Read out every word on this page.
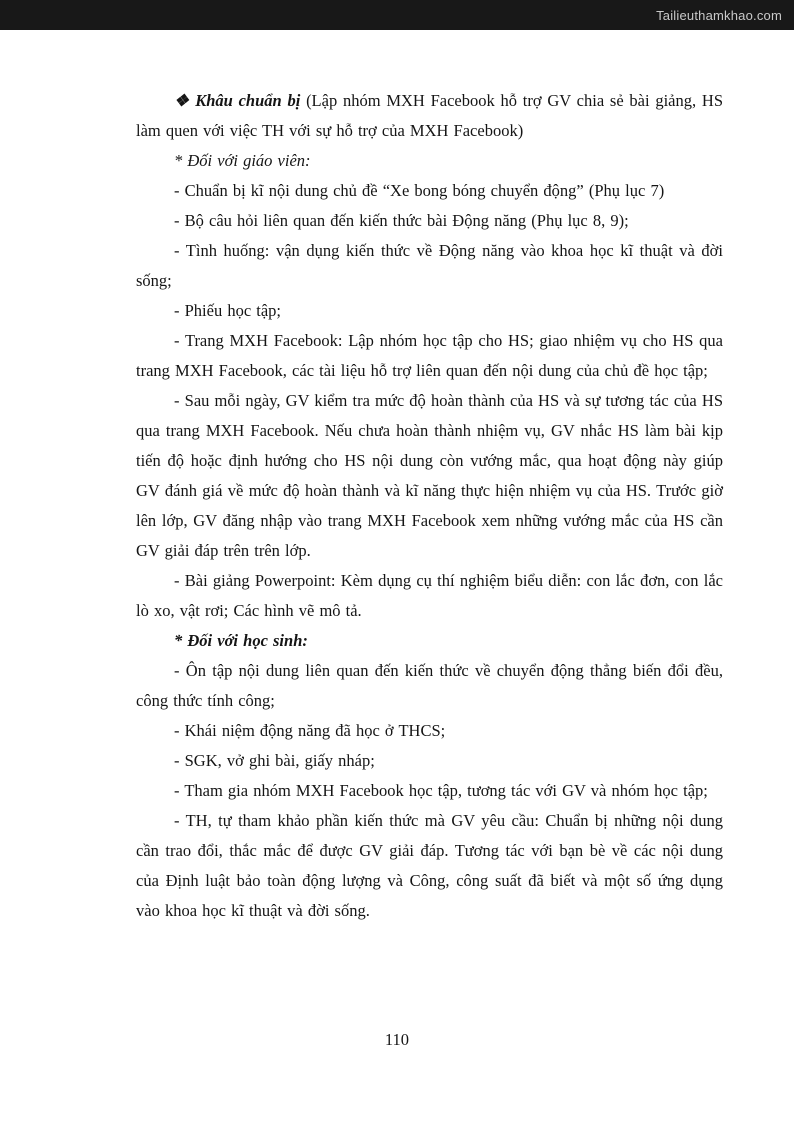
Tailieuthamkhao.com

❖ Khâu chuẩn bị (Lập nhóm MXH Facebook hỗ trợ GV chia sẻ bài giảng, HS làm quen với việc TH với sự hỗ trợ của MXH Facebook)

* Đối với giáo viên:

- Chuẩn bị kĩ nội dung chủ đề “Xe bong bóng chuyển động” (Phụ lục 7)

- Bộ câu hỏi liên quan đến kiến thức bài Động năng (Phụ lục 8, 9);

- Tình huống: vận dụng kiến thức về Động năng vào khoa học kĩ thuật và đời sống;

- Phiếu học tập;

- Trang MXH Facebook: Lập nhóm học tập cho HS; giao nhiệm vụ cho HS qua trang MXH Facebook, các tài liệu hỗ trợ liên quan đến nội dung của chủ đề học tập;

- Sau mỗi ngày, GV kiểm tra mức độ hoàn thành của HS và sự tương tác của HS qua trang MXH Facebook. Nếu chưa hoàn thành nhiệm vụ, GV nhắc HS làm bài kịp tiến độ hoặc định hướng cho HS nội dung còn vướng mắc, qua hoạt động này giúp GV đánh giá về mức độ hoàn thành và kĩ năng thực hiện nhiệm vụ của HS. Trước giờ lên lớp, GV đăng nhập vào trang MXH Facebook xem những vướng mắc của HS cần GV giải đáp trên trên lớp.

- Bài giảng Powerpoint: Kèm dụng cụ thí nghiệm biểu diễn: con lắc đơn, con lắc lò xo, vật rơi; Các hình vẽ mô tả.

* Đối với học sinh:

- Ôn tập nội dung liên quan đến kiến thức về chuyển động thẳng biến đổi đều, công thức tính công;

- Khái niệm động năng đã học ở THCS;

- SGK, vở ghi bài, giấy nháp;

- Tham gia nhóm MXH Facebook học tập, tương tác với GV và nhóm học tập;

- TH, tự tham khảo phần kiến thức mà GV yêu cầu: Chuẩn bị những nội dung cần trao đổi, thắc mắc để được GV giải đáp. Tương tác với bạn bè về các nội dung của Định luật bảo toàn động lượng và Công, công suất đã biết và một số ứng dụng vào khoa học kĩ thuật và đời sống.

110
